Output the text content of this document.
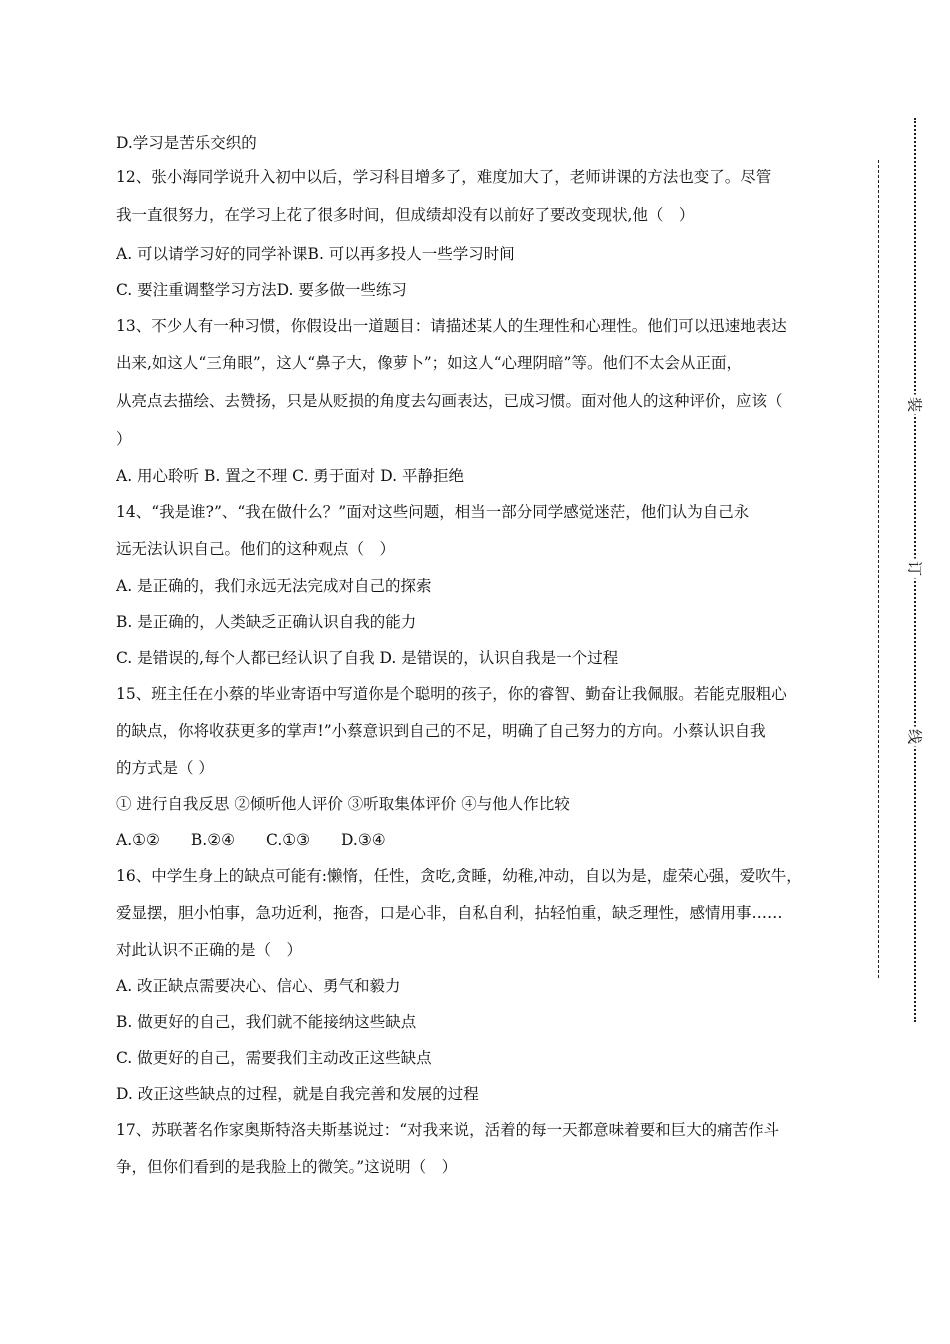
D.学习是苦乐交织的
12、张小海同学说升入初中以后，学习科目增多了，难度加大了，老师讲课的方法也变了。尽管
我一直很努力，在学习上花了很多时间，但成绩却没有以前好了要改变现状,他（　）
A. 可以请学习好的同学补课B. 可以再多投人一些学习时间
C. 要注重调整学习方法D. 要多做一些练习
13、不少人有一种习惯，你假设出一道题目：请描述某人的生理性和心理性。他们可以迅速地表达
出来,如这人“三角眼”，这人“鼻子大，像萝卜”；如这人“心理阴暗”等。他们不太会从正面，
从亮点去描绘、去赞扬，只是从贬损的角度去勾画表达，已成习惯。面对他人的这种评价，应该（
）
A. 用心聆听 B. 置之不理 C. 勇于面对 D. 平静拒绝
14、“我是谁?”、“我在做什么？”面对这些问题，相当一部分同学感觉迷茫，他们认为自己永
远无法认识自己。他们的这种观点（　）
A. 是正确的，我们永远无法完成对自己的探索
B. 是正确的，人类缺乏正确认识自我的能力
C. 是错误的,每个人都已经认识了自我 D. 是错误的，认识自我是一个过程
15、班主任在小蔡的毕业寄语中写道你是个聪明的孩子，你的睿智、勤奋让我佩服。若能克服粗心
的缺点，你将收获更多的掌声!”小蔡意识到自己的不足，明确了自己努力的方向。小蔡认识自我
的方式是（ ）
① 进行自我反思 ②倾听他人评价 ③听取集体评价 ④与他人作比较
A.①②　　B.②④　　C.①③　　D.③④
16、中学生身上的缺点可能有:懒惰，任性，贪吃,贪睡，幼稚,冲动，自以为是，虚荣心强，爱吹牛，
爱显摆，胆小怕事，急功近利，拖沓，口是心非，自私自利，拈轻怕重，缺乏理性，感情用事……
对此认识不正确的是（　）
A. 改正缺点需要决心、信心、勇气和毅力
B. 做更好的自己，我们就不能接纳这些缺点
C. 做更好的自己，需要我们主动改正这些缺点
D. 改正这些缺点的过程，就是自我完善和发展的过程
17、苏联著名作家奥斯特洛夫斯基说过：“对我来说，活着的每一天都意味着要和巨大的痛苦作斗
争，但你们看到的是我脸上的微笑。”这说明（　）
装
订
线
